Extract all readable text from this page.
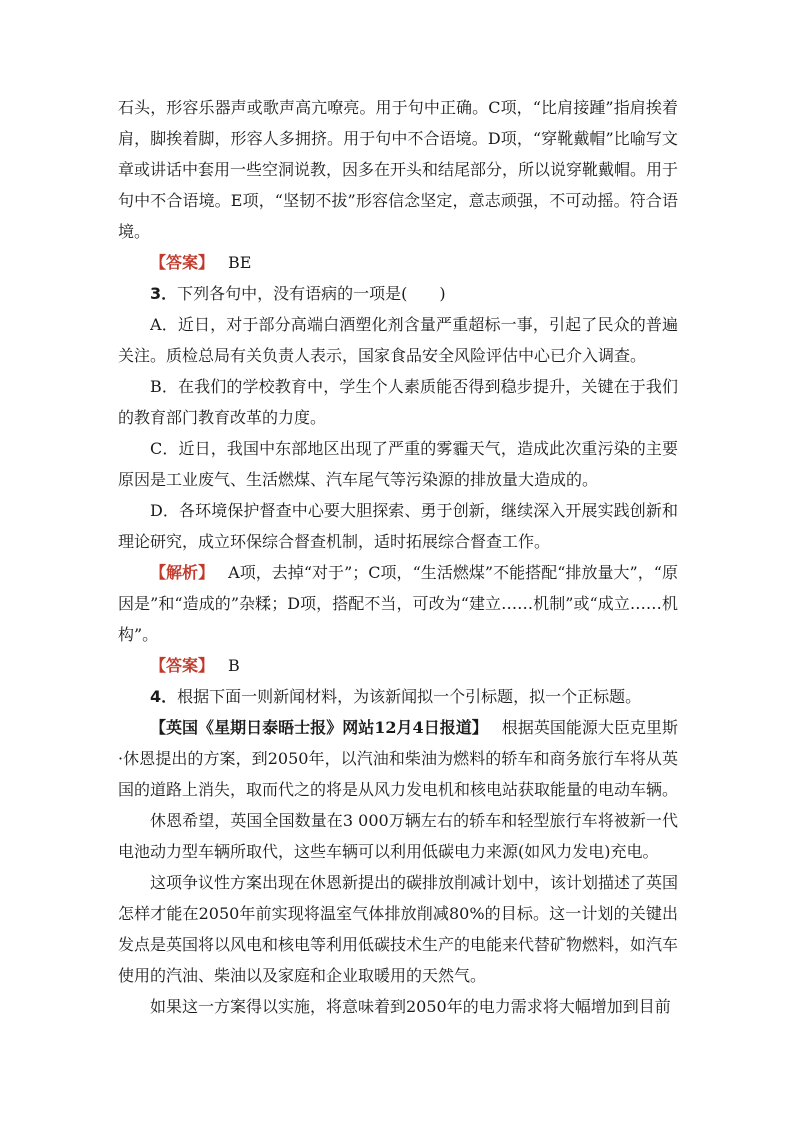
石头，形容乐器声或歌声高亢嘹亮。用于句中正确。C项，“比肩接踵”指肩挨着肩，脚挨着脚，形容人多拥挤。用于句中不合语境。D项，“穿靴戴帽”比喻写文章或讲话中套用一些空洞说教，因多在开头和结尾部分，所以说穿靴戴帽。用于句中不合语境。E项，“坚韧不拔”形容信念坚定，意志顽强，不可动摇。符合语境。

【答案】 BE

3．下列各句中，没有语病的一项是(　　)

A．近日，对于部分高端白酒塑化剂含量严重超标一事，引起了民众的普遍关注。质检总局有关负责人表示，国家食品安全风险评估中心已介入调查。

B．在我们的学校教育中，学生个人素质能否得到稳步提升，关键在于我们的教育部门教育改革的力度。

C．近日，我国中东部地区出现了严重的雾霾天气，造成此次重污染的主要原因是工业废气、生活燃煤、汽车尾气等污染源的排放量大造成的。

D．各环境保护督查中心要大胆探索、勇于创新，继续深入开展实践创新和理论研究，成立环保综合督查机制，适时拓展综合督查工作。

【解析】 A项，去掉“对于”；C项，“生活燃煤”不能搭配“排放量大”，“原因是”和“造成的”杂糅；D项，搭配不当，可改为“建立……机制”或“成立……机构”。

【答案】 B

4．根据下面一则新闻材料，为该新闻拟一个引标题，拟一个正标题。

【英国《星期日泰晤士报》网站12月4日报道】 根据英国能源大臣克里斯·休恩提出的方案，到2050年，以汽油和柴油为燃料的轿车和商务旅行车将从英国的道路上消失，取而代之的将是从风力发电机和核电站获取能量的电动车辆。

休恩希望，英国全国数量在3 000万辆左右的轿车和轻型旅行车将被新一代电池动力型车辆所取代，这些车辆可以利用低碳电力来源(如风力发电)充电。

这项争议性方案出现在休恩新提出的碳排放削减计划中，该计划描述了英国怎样才能在2050年前实现将温室气体排放削减80%的目标。这一计划的关键出发点是英国将以风电和核电等利用低碳技术生产的电能来代替矿物燃料，如汽车使用的汽油、柴油以及家庭和企业取暖用的天然气。

如果这一方案得以实施，将意味着到2050年的电力需求将大幅增加到目前
